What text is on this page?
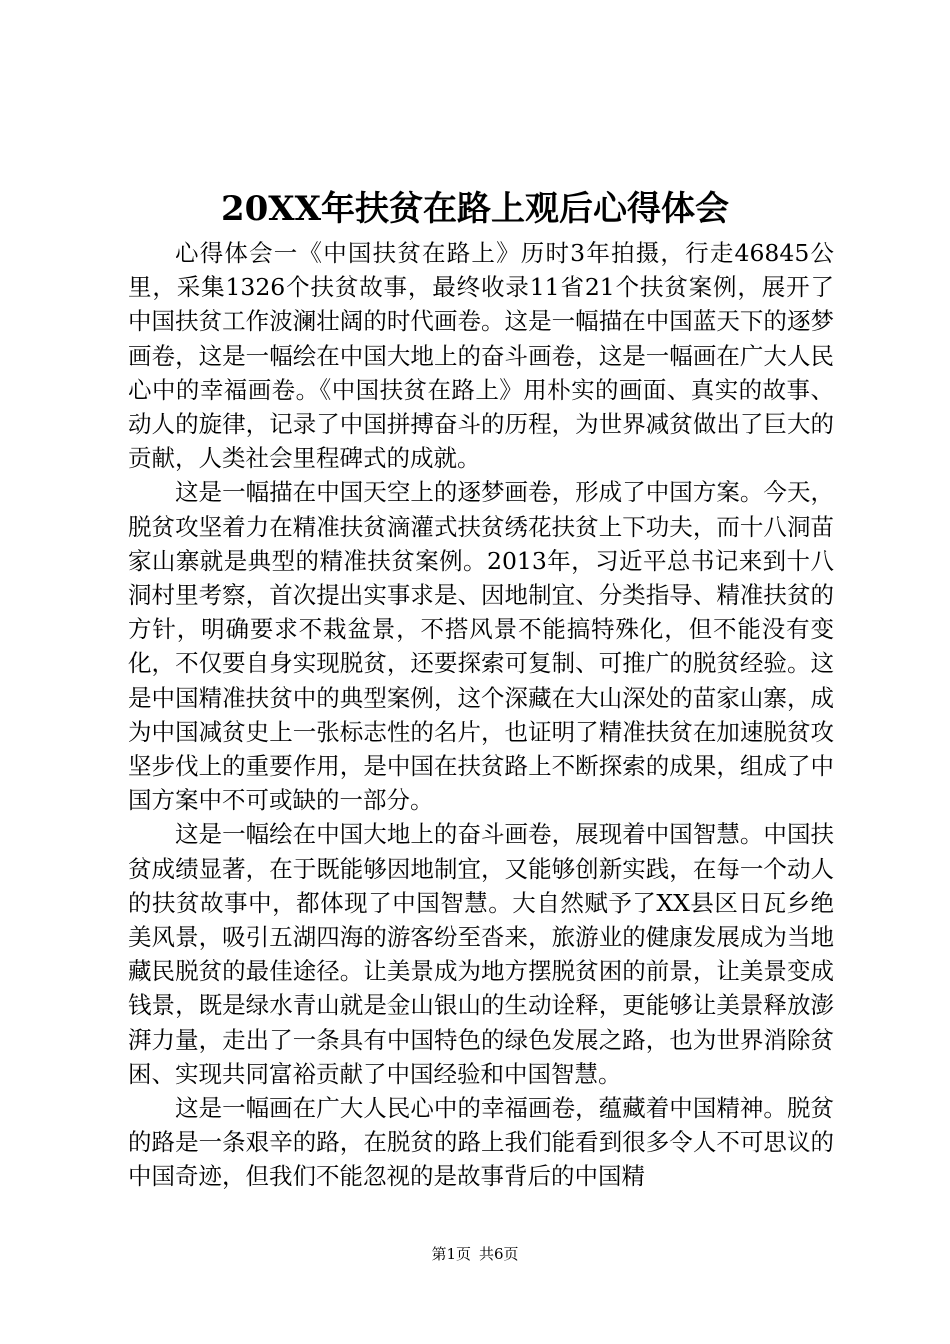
20XX年扶贫在路上观后心得体会

心得体会一《中国扶贫在路上》历时3年拍摄，行走46845公里，采集1326个扶贫故事，最终收录11省21个扶贫案例，展开了中国扶贫工作波澜壮阔的时代画卷。这是一幅描在中国蓝天下的逐梦画卷，这是一幅绘在中国大地上的奋斗画卷，这是一幅画在广大人民心中的幸福画卷。《中国扶贫在路上》用朴实的画面、真实的故事、动人的旋律，记录了中国拼搏奋斗的历程，为世界减贫做出了巨大的贡献，人类社会里程碑式的成就。

这是一幅描在中国天空上的逐梦画卷，形成了中国方案。今天，脱贫攻坚着力在精准扶贫滴灌式扶贫绣花扶贫上下功夫，而十八洞苗家山寨就是典型的精准扶贫案例。2013年，习近平总书记来到十八洞村里考察，首次提出实事求是、因地制宜、分类指导、精准扶贫的方针，明确要求不栽盆景，不搭风景不能搞特殊化，但不能没有变化，不仅要自身实现脱贫，还要探索可复制、可推广的脱贫经验。这是中国精准扶贫中的典型案例，这个深藏在大山深处的苗家山寨，成为中国减贫史上一张标志性的名片，也证明了精准扶贫在加速脱贫攻坚步伐上的重要作用，是中国在扶贫路上不断探索的成果，组成了中国方案中不可或缺的一部分。

这是一幅绘在中国大地上的奋斗画卷，展现着中国智慧。中国扶贫成绩显著，在于既能够因地制宜，又能够创新实践，在每一个动人的扶贫故事中，都体现了中国智慧。大自然赋予了XX县区日瓦乡绝美风景，吸引五湖四海的游客纷至沓来，旅游业的健康发展成为当地藏民脱贫的最佳途径。让美景成为地方摆脱贫困的前景，让美景变成钱景，既是绿水青山就是金山银山的生动诠释，更能够让美景释放澎湃力量，走出了一条具有中国特色的绿色发展之路，也为世界消除贫困、实现共同富裕贡献了中国经验和中国智慧。

这是一幅画在广大人民心中的幸福画卷，蕴藏着中国精神。脱贫的路是一条艰辛的路，在脱贫的路上我们能看到很多令人不可思议的中国奇迹，但我们不能忽视的是故事背后的中国精

第1页 共6页
